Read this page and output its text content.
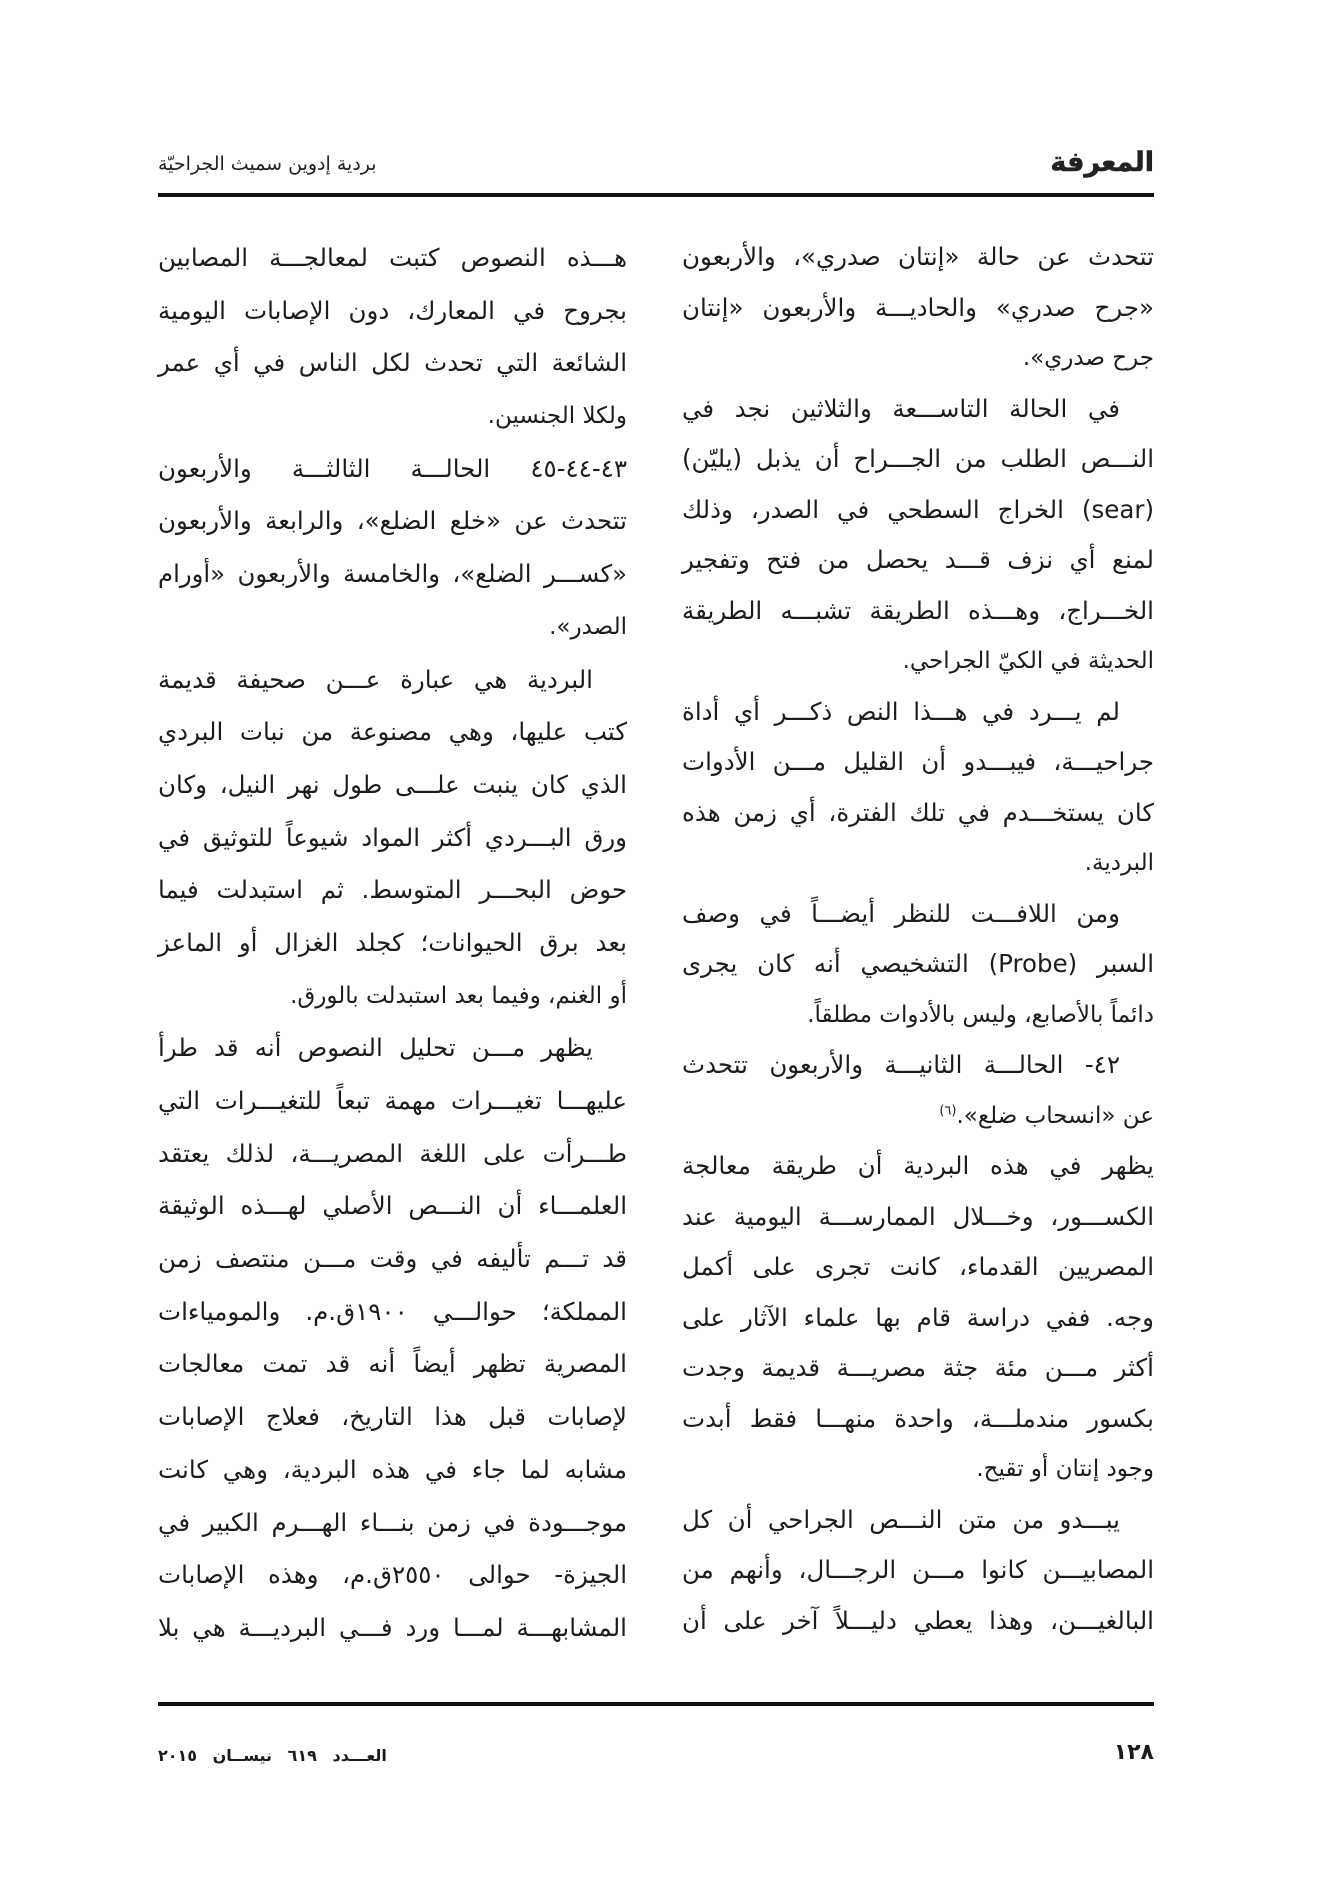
المعرفة
بردية إدوين سميث الجراحيّة
تتحدث عن حالة «إنتان صدري»، والأربعون
«جرح صدري» والحاديـــة والأربعون «إنتان
جرح صدري».
في الحالة التاســـعة والثلاثين نجد في
النـــص الطلب من الجـــراح أن يذبل (يليّن)
(sear) الخراج السطحي في الصدر، وذلك
لمنع أي نزف قـــد يحصل من فتح وتفجير
الخـــراج، وهـــذه الطريقة تشبـــه الطريقة
الحديثة في الكيّ الجراحي.
لم يـــرد في هـــذا النص ذكـــر أي أداة
جراحيـــة، فيبـــدو أن القليل مـــن الأدوات
كان يستخـــدم في تلك الفترة، أي زمن هذه
البردية.
ومن اللافـــت للنظر أيضـــاً في وصف
السبر (Probe) التشخيصي أنه كان يجرى
دائماً بالأصابع، وليس بالأدوات مطلقاً.
٤٢- الحالـــة الثانيـــة والأربعون تتحدث
عن «انسحاب ضلع».$^{(٦)}$
يظهر في هذه البردية أن طريقة معالجة
الكســـور، وخـــلال الممارســـة اليومية عند
المصريين القدماء، كانت تجرى على أكمل
وجه. ففي دراسة قام بها علماء الآثار على
أكثر مـــن مئة جثة مصريـــة قديمة وجدت
بكسور مندملـــة، واحدة منهـــا فقط أبدت
وجود إنتان أو تقيح.
يبـــدو من متن النـــص الجراحي أن كل
المصابيـــن كانوا مـــن الرجـــال، وأنهم من
البالغيـــن، وهذا يعطي دليـــلاً آخر على أن
هـــذه النصوص كتبت لمعالجـــة المصابين
بجروح في المعارك، دون الإصابات اليومية
الشائعة التي تحدث لكل الناس في أي عمر
ولكلا الجنسين.
٤٣-٤٤-٤٥ الحالـــة الثالثـــة والأربعون
تتحدث عن «خلع الضلع»، والرابعة والأربعون
«كســـر الضلع»، والخامسة والأربعون «أورام
الصدر».
البردية هي عبارة عـــن صحيفة قديمة
كتب عليها، وهي مصنوعة من نبات البردي
الذي كان ينبت علـــى طول نهر النيل، وكان
ورق البـــردي أكثر المواد شيوعاً للتوثيق في
حوض البحـــر المتوسط. ثم استبدلت فيما
بعد برق الحيوانات؛ كجلد الغزال أو الماعز
أو الغنم، وفيما بعد استبدلت بالورق.
يظهر مـــن تحليل النصوص أنه قد طرأ
عليهـــا تغيـــرات مهمة تبعاً للتغيـــرات التي
طـــرأت على اللغة المصريـــة، لذلك يعتقد
العلمـــاء أن النـــص الأصلي لهـــذه الوثيقة
قد تـــم تأليفه في وقت مـــن منتصف زمن
المملكة؛ حوالـــي ١٩٠٠ق.م. والمومياءات
المصرية تظهر أيضاً أنه قد تمت معالجات
لإصابات قبل هذا التاريخ، فعلاج الإصابات
مشابه لما جاء في هذه البردية، وهي كانت
موجـــودة في زمن بنـــاء الهـــرم الكبير في
الجيزة- حوالى ٢٥٥٠ق.م، وهذه الإصابات
المشابهـــة لمـــا ورد فـــي البرديـــة هي بلا
١٢٨
العـــدد ٦١٩ نيســان ٢٠١٥
